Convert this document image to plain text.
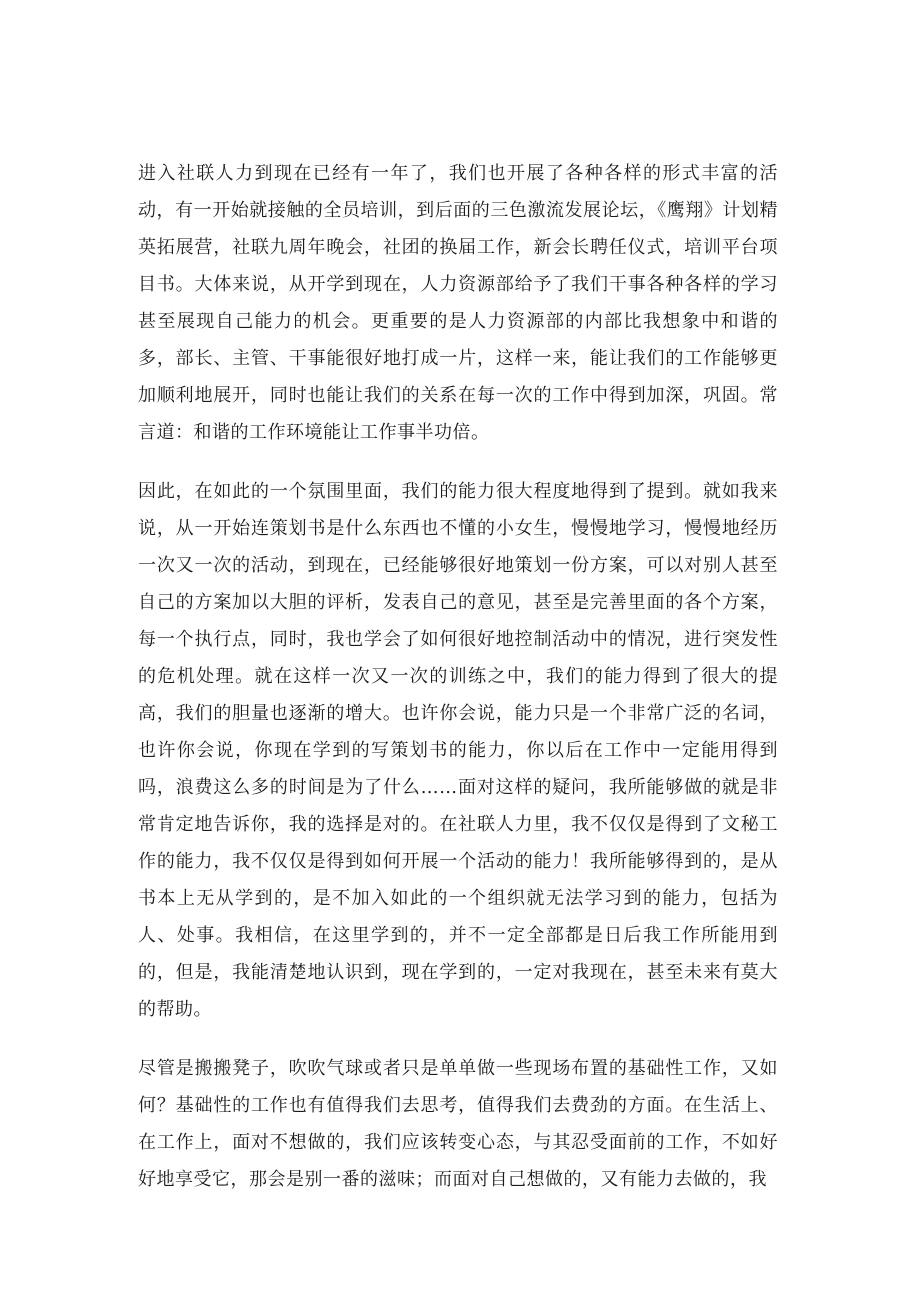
进入社联人力到现在已经有一年了，我们也开展了各种各样的形式丰富的活动，有一开始就接触的全员培训，到后面的三色激流发展论坛，《鹰翔》计划精英拓展营，社联九周年晚会，社团的换届工作，新会长聘任仪式，培训平台项目书。大体来说，从开学到现在，人力资源部给予了我们干事各种各样的学习甚至展现自己能力的机会。更重要的是人力资源部的内部比我想象中和谐的多，部长、主管、干事能很好地打成一片，这样一来，能让我们的工作能够更加顺利地展开，同时也能让我们的关系在每一次的工作中得到加深，巩固。常言道：和谐的工作环境能让工作事半功倍。

因此，在如此的一个氛围里面，我们的能力很大程度地得到了提到。就如我来说，从一开始连策划书是什么东西也不懂的小女生，慢慢地学习，慢慢地经历一次又一次的活动，到现在，已经能够很好地策划一份方案，可以对别人甚至自己的方案加以大胆的评析，发表自己的意见，甚至是完善里面的各个方案，每一个执行点，同时，我也学会了如何很好地控制活动中的情况，进行突发性的危机处理。就在这样一次又一次的训练之中，我们的能力得到了很大的提高，我们的胆量也逐渐的增大。也许你会说，能力只是一个非常广泛的名词，也许你会说，你现在学到的写策划书的能力，你以后在工作中一定能用得到吗，浪费这么多的时间是为了什么……面对这样的疑问，我所能够做的就是非常肯定地告诉你，我的选择是对的。在社联人力里，我不仅仅是得到了文秘工作的能力，我不仅仅是得到如何开展一个活动的能力！我所能够得到的，是从书本上无从学到的，是不加入如此的一个组织就无法学习到的能力，包括为人、处事。我相信，在这里学到的，并不一定全部都是日后我工作所能用到的，但是，我能清楚地认识到，现在学到的，一定对我现在，甚至未来有莫大的帮助。

尽管是搬搬凳子，吹吹气球或者只是单单做一些现场布置的基础性工作，又如何？基础性的工作也有值得我们去思考，值得我们去费劲的方面。在生活上、在工作上，面对不想做的，我们应该转变心态，与其忍受面前的工作，不如好好地享受它，那会是别一番的滋味；而面对自己想做的，又有能力去做的，我
